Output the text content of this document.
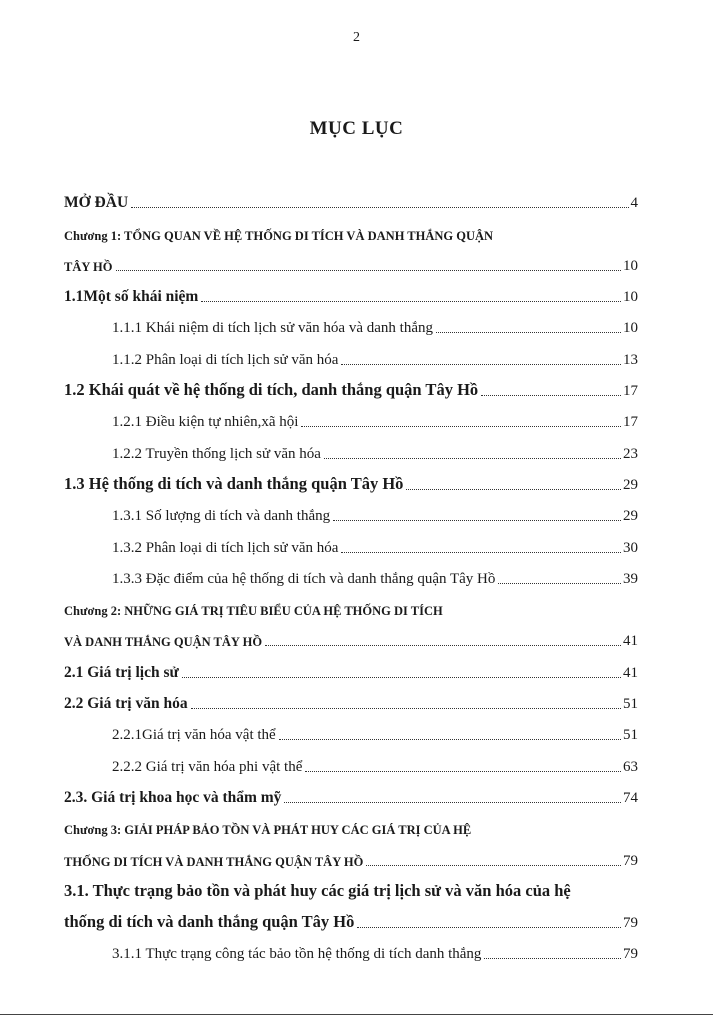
2
MỤC LỤC
MỞ ĐẦU	4
Chương 1: TỔNG QUAN VỀ HỆ THỐNG DI TÍCH VÀ DANH THẮNG QUẬN
TÂY HỒ	10
1.1Một số khái niệm	10
1.1.1 Khái niệm di tích lịch sử văn hóa và danh thắng	10
1.1.2 Phân loại di tích lịch sử văn hóa	13
1.2 Khái quát về hệ thống di tích, danh thắng quận Tây Hồ	17
1.2.1 Điều kiện tự nhiên,xã hội	17
1.2.2 Truyền thống lịch sử văn hóa	23
1.3 Hệ thống di tích và danh thắng quận Tây Hồ	29
1.3.1 Số lượng di tích và danh thắng	29
1.3.2 Phân loại di tích lịch sử văn hóa	30
1.3.3 Đặc điểm của hệ thống di tích và danh thắng quận Tây Hồ	39
Chương 2: NHỮNG GIÁ TRỊ TIÊU BIỂU CỦA HỆ THỐNG DI TÍCH
VÀ DANH THẮNG QUẬN TÂY HỒ	41
2.1 Giá trị lịch sử	41
2.2 Giá trị văn hóa	51
2.2.1Giá trị văn hóa vật thể	51
2.2.2 Giá trị văn hóa phi vật thể	63
2.3. Giá trị khoa học và thẩm mỹ	74
Chương 3: GIẢI PHÁP BẢO TỒN VÀ PHÁT HUY CÁC GIÁ TRỊ CỦA HỆ
THỐNG DI TÍCH VÀ DANH THẮNG QUẬN TÂY HỒ	79
3.1. Thực trạng bảo tồn và phát huy các giá trị lịch sử và văn hóa của hệ
thống di tích và danh thắng quận Tây Hồ	79
3.1.1 Thực trạng công tác bảo tồn hệ thống di tích danh thắng	79
